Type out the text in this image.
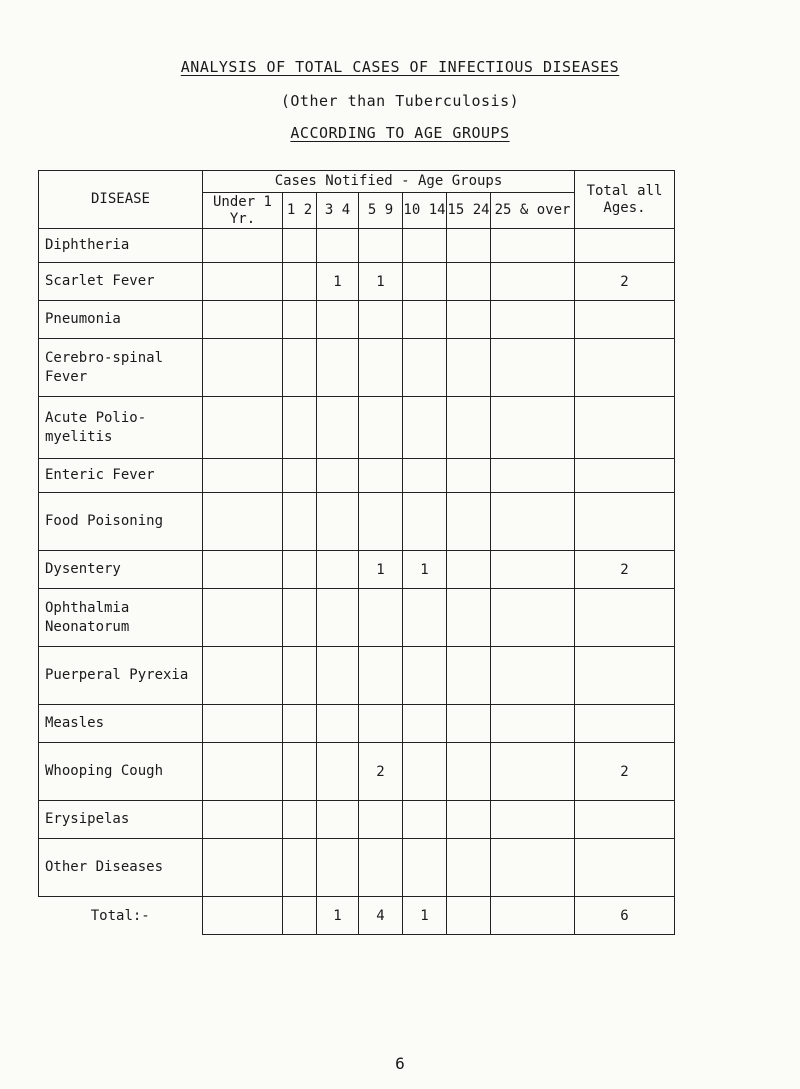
ANALYSIS OF TOTAL CASES OF INFECTIOUS DISEASES
(Other than Tuberculosis)
ACCORDING TO AGE GROUPS
DISEASE	Cases Notified - Age Groups							Total all Ages.
	Under 1 Yr.	1 2	3 4	5 9	10 14	15 24	25 & over	
Diphtheria								
Scarlet Fever			1	1				2
Pneumonia								
Cerebro-spinal Fever								
Acute Polio-myelitis								
Enteric Fever								
Food Poisoning								
Dysentery				1	1			2
Ophthalmia Neonatorum								
Puerperal Pyrexia								
Measles								
Whooping Cough				2				2
Erysipelas								
Other Diseases								
Total:-			1	4	1			6
6
